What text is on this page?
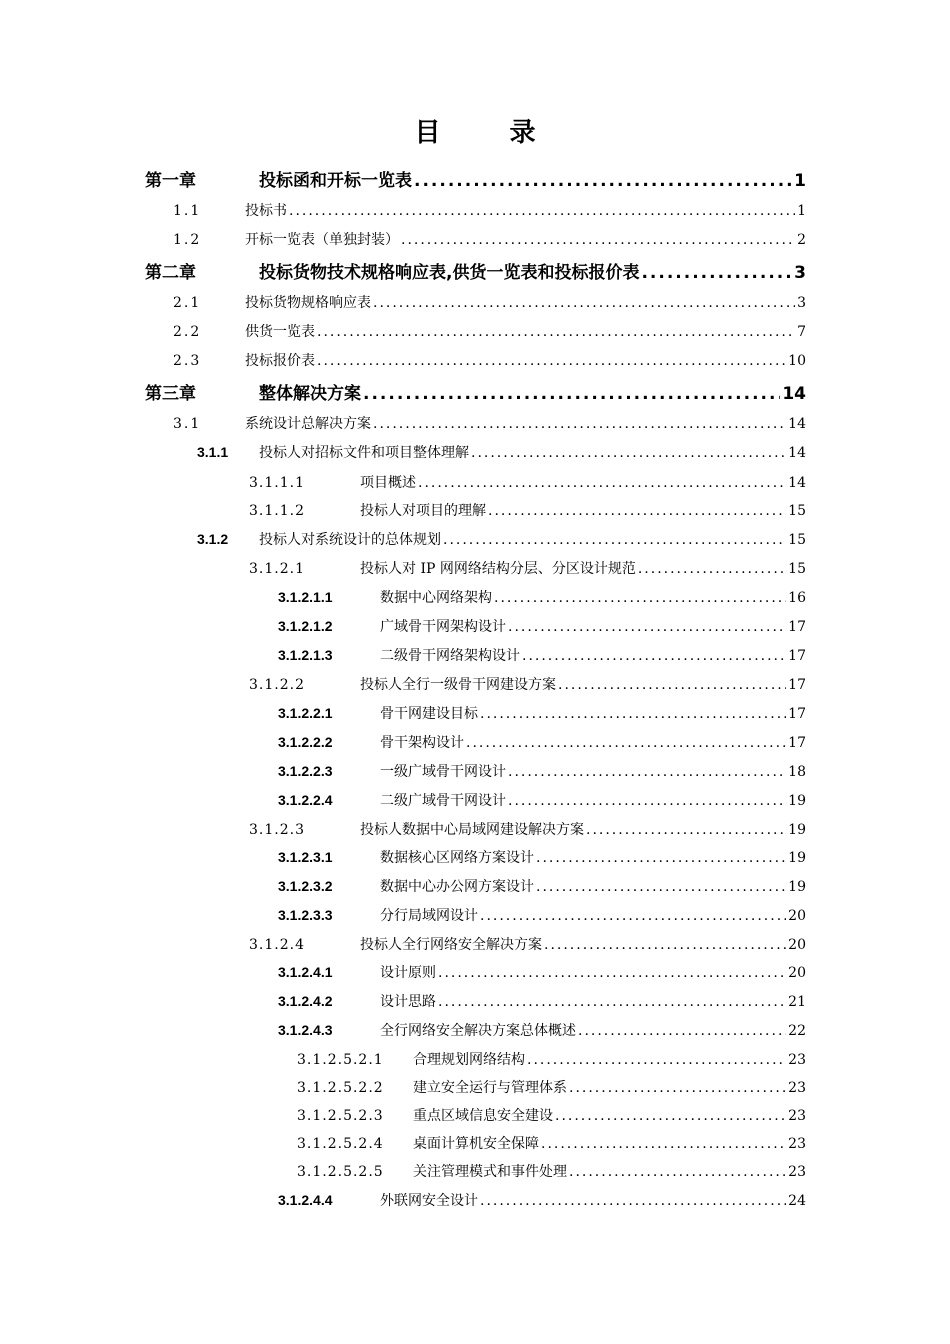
目 录
第一章	投标函和开标一览表 .....	1
1.1	投标书 .....	1
1.2	开标一览表（单独封装） .....	2
第二章	投标货物技术规格响应表,供货一览表和投标报价表 .....	3
2.1	投标货物规格响应表 .....	3
2.2	供货一览表 .....	7
2.3	投标报价表 .....	10
第三章	整体解决方案 .....	14
3.1	系统设计总解决方案 .....	14
3.1.1	投标人对招标文件和项目整体理解 .....	14
3.1.1.1	项目概述 .....	14
3.1.1.2	投标人对项目的理解 .....	15
3.1.2	投标人对系统设计的总体规划 .....	15
3.1.2.1	投标人对 IP 网网络结构分层、分区设计规范 .....	15
3.1.2.1.1	数据中心网络架构 .....	16
3.1.2.1.2	广域骨干网架构设计 .....	17
3.1.2.1.3	二级骨干网络架构设计 .....	17
3.1.2.2	投标人全行一级骨干网建设方案 .....	17
3.1.2.2.1	骨干网建设目标 .....	17
3.1.2.2.2	骨干架构设计 .....	17
3.1.2.2.3	一级广域骨干网设计 .....	18
3.1.2.2.4	二级广域骨干网设计 .....	19
3.1.2.3	投标人数据中心局域网建设解决方案 .....	19
3.1.2.3.1	数据核心区网络方案设计 .....	19
3.1.2.3.2	数据中心办公网方案设计 .....	19
3.1.2.3.3	分行局域网设计 .....	20
3.1.2.4	投标人全行网络安全解决方案 .....	20
3.1.2.4.1	设计原则 .....	20
3.1.2.4.2	设计思路 .....	21
3.1.2.4.3	全行网络安全解决方案总体概述 .....	22
3.1.2.5.2.1	合理规划网络结构 .....	23
3.1.2.5.2.2	建立安全运行与管理体系 .....	23
3.1.2.5.2.3	重点区域信息安全建设 .....	23
3.1.2.5.2.4	桌面计算机安全保障 .....	23
3.1.2.5.2.5	关注管理模式和事件处理 .....	23
3.1.2.4.4	外联网安全设计 .....	24
